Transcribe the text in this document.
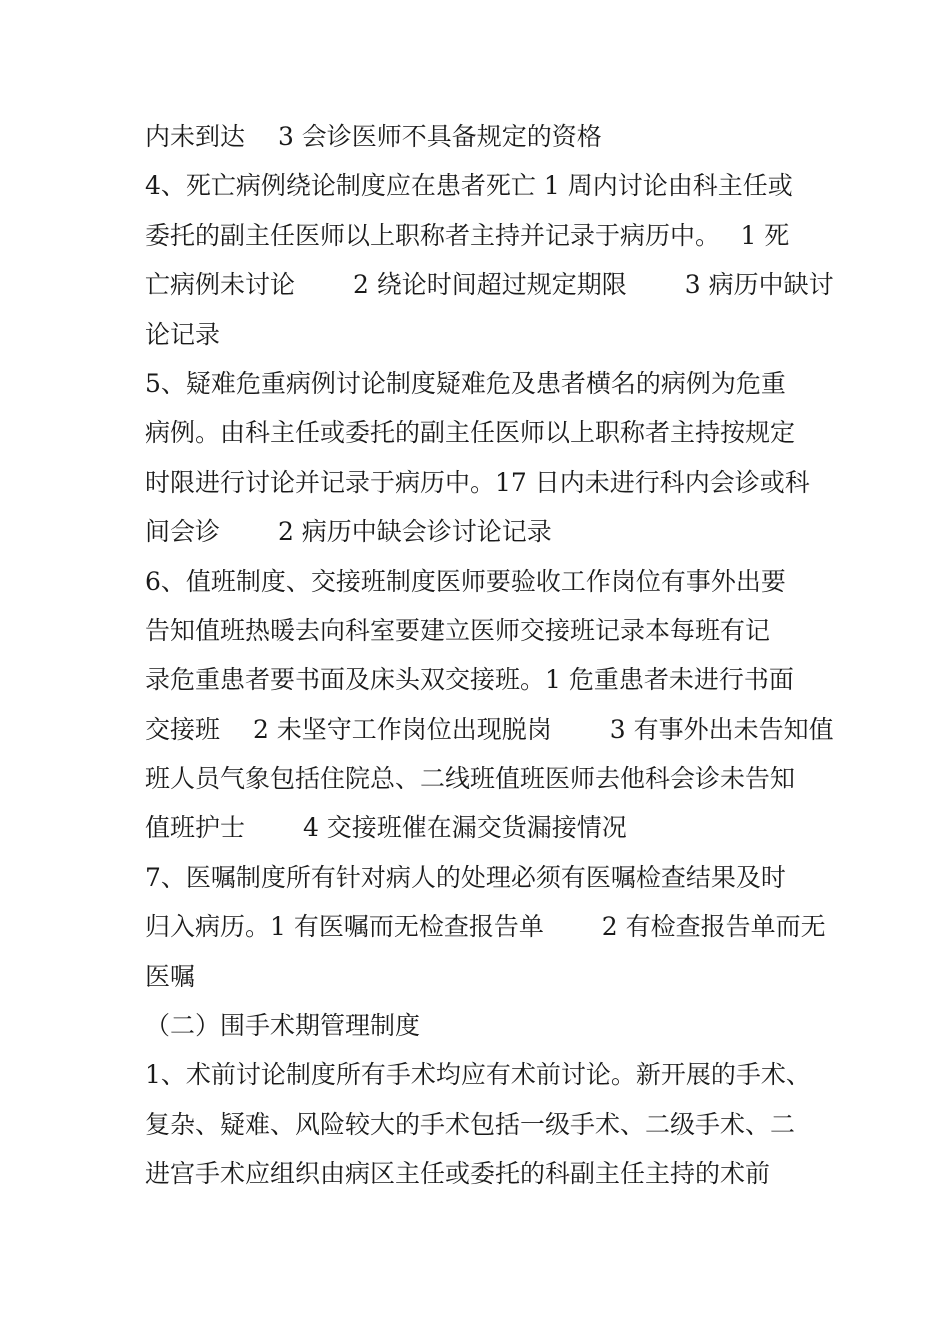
内未到达　 3 会诊医师不具备规定的资格
4、死亡病例绕论制度应在患者死亡 1 周内讨论由科主任或
委托的副主任医师以上职称者主持并记录于病历中。　 1 死
亡病例未讨论　　 2 绕论时间超过规定期限　　 3 病历中缺讨
论记录
5、疑难危重病例讨论制度疑难危及患者横名的病例为危重
病例。由科主任或委托的副主任医师以上职称者主持按规定
时限进行讨论并记录于病历中。17 日内未进行科内会诊或科
间会诊　　 2 病历中缺会诊讨论记录
6、值班制度、交接班制度医师要验收工作岗位有事外出要
告知值班热暖去向科室要建立医师交接班记录本每班有记
录危重患者要书面及床头双交接班。1 危重患者未进行书面
交接班　 2 未坚守工作岗位出现脱岗　　 3 有事外出未告知值
班人员气象包括住院总、二线班值班医师去他科会诊未告知
值班护士　　 4 交接班催在漏交货漏接情况
7、医嘱制度所有针对病人的处理必须有医嘱检查结果及时
归入病历。1 有医嘱而无检查报告单　　 2 有检查报告单而无
医嘱
（二）围手术期管理制度
1、术前讨论制度所有手术均应有术前讨论。新开展的手术、
复杂、疑难、风险较大的手术包括一级手术、二级手术、二
进宫手术应组织由病区主任或委托的科副主任主持的术前
